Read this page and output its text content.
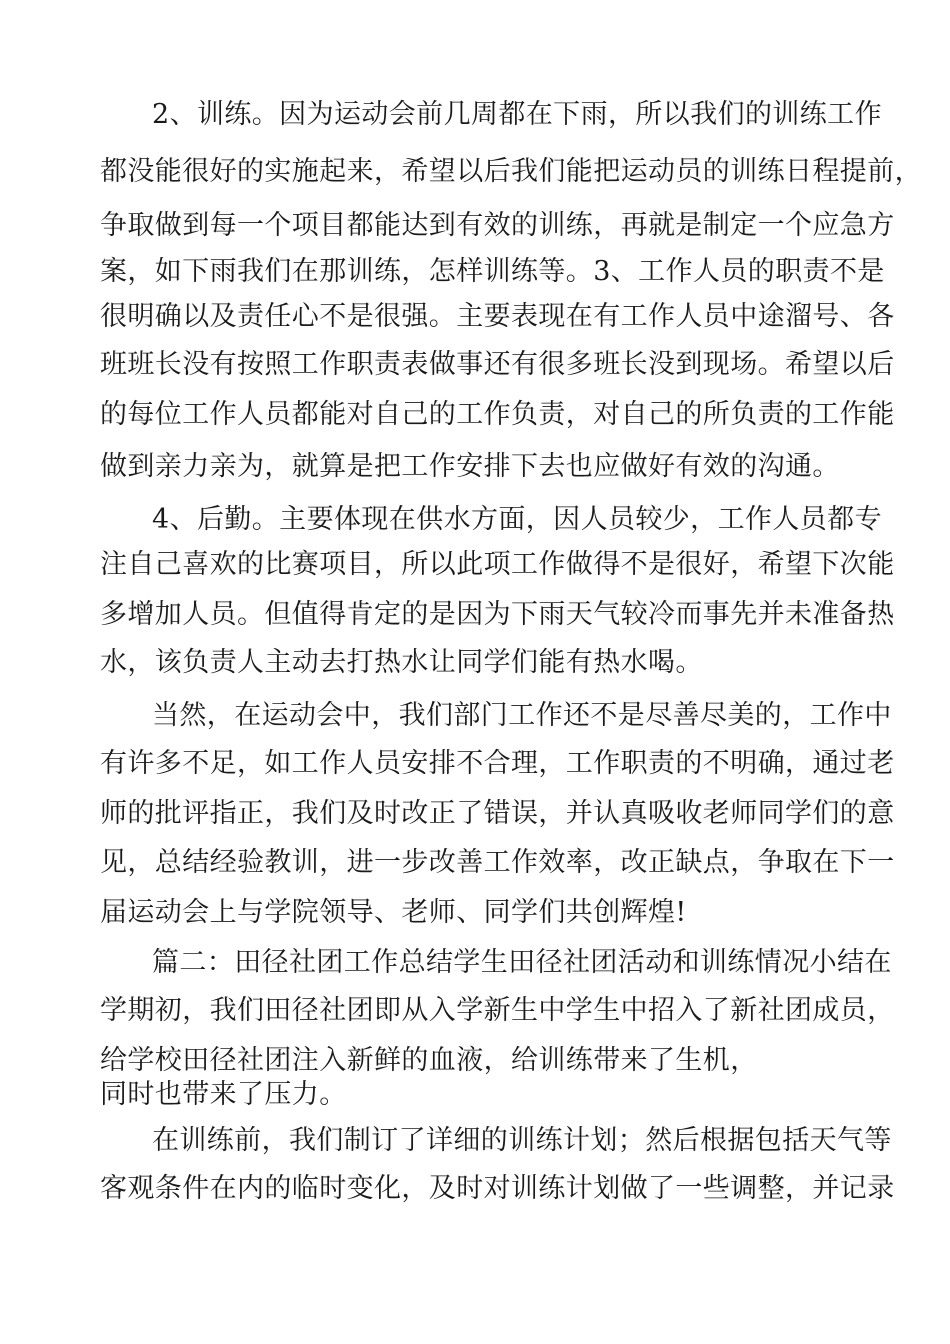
2、训练。因为运动会前几周都在下雨，所以我们的训练工作
都没能很好的实施起来，希望以后我们能把运动员的训练日程提前，
争取做到每一个项目都能达到有效的训练，再就是制定一个应急方
案，如下雨我们在那训练，怎样训练等。3、工作人员的职责不是
很明确以及责任心不是很强。主要表现在有工作人员中途溜号、各
班班长没有按照工作职责表做事还有很多班长没到现场。希望以后
的每位工作人员都能对自己的工作负责，对自己的所负责的工作能
做到亲力亲为，就算是把工作安排下去也应做好有效的沟通。
4、后勤。主要体现在供水方面，因人员较少，工作人员都专
注自己喜欢的比赛项目，所以此项工作做得不是很好，希望下次能
多增加人员。但值得肯定的是因为下雨天气较冷而事先并未准备热
水，该负责人主动去打热水让同学们能有热水喝。
当然，在运动会中，我们部门工作还不是尽善尽美的，工作中
有许多不足，如工作人员安排不合理，工作职责的不明确，通过老
师的批评指正，我们及时改正了错误，并认真吸收老师同学们的意
见，总结经验教训，进一步改善工作效率，改正缺点，争取在下一
届运动会上与学院领导、老师、同学们共创辉煌!
篇二：田径社团工作总结学生田径社团活动和训练情况小结在
学期初，我们田径社团即从入学新生中学生中招入了新社团成员，
给学校田径社团注入新鲜的血液，给训练带来了生机，
同时也带来了压力。
在训练前，我们制订了详细的训练计划；然后根据包括天气等
客观条件在内的临时变化，及时对训练计划做了一些调整，并记录
